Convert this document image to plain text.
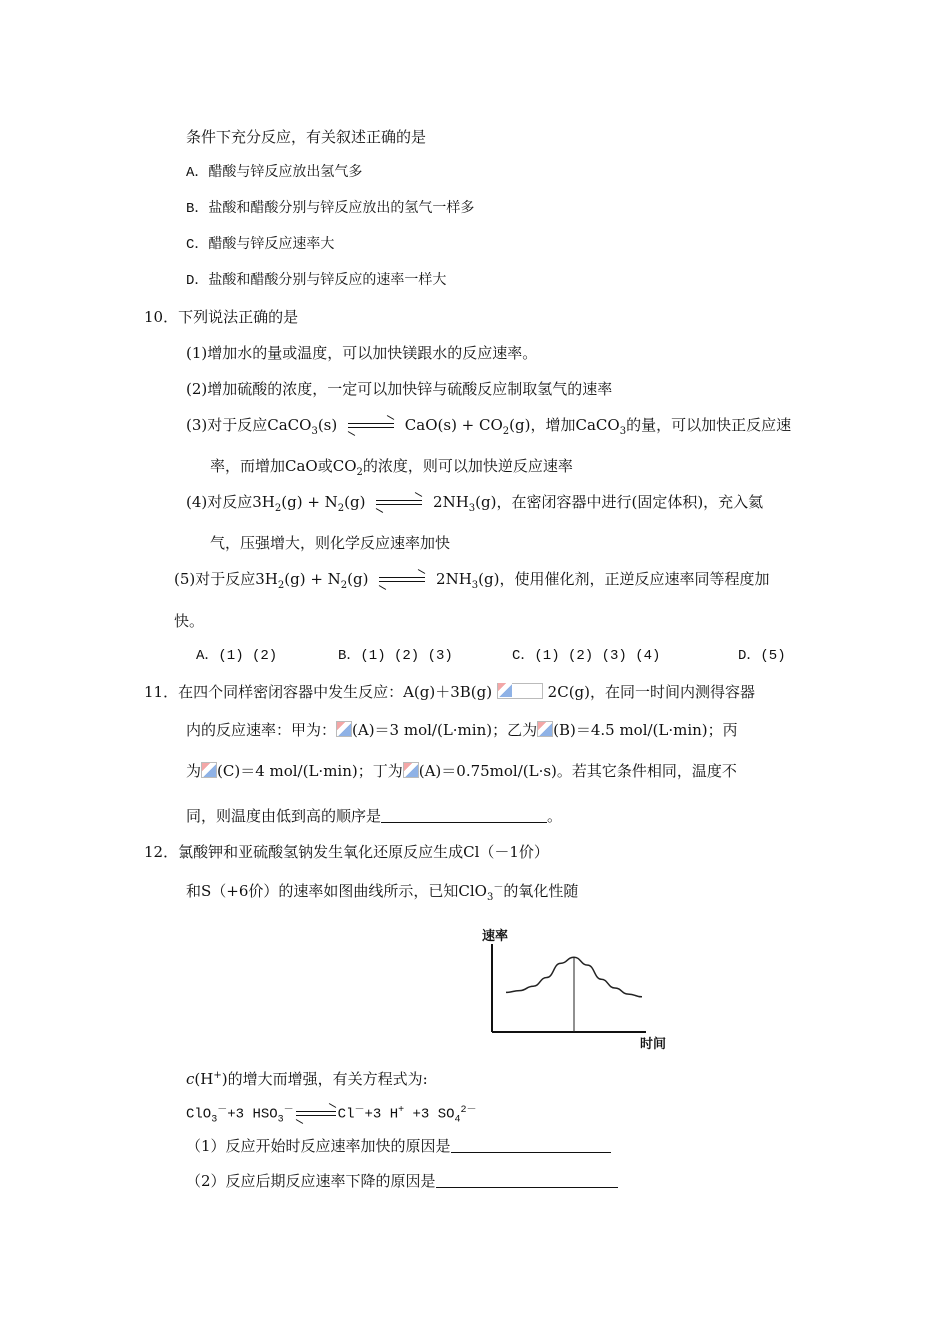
条件下充分反应，有关叙述正确的是
A．醋酸与锌反应放出氢气多
B．盐酸和醋酸分别与锌反应放出的氢气一样多
C．醋酸与锌反应速率大
D．盐酸和醋酸分别与锌反应的速率一样大
10．下列说法正确的是
(1)增加水的量或温度，可以加快镁跟水的反应速率。
(2)增加硫酸的浓度，一定可以加快锌与硫酸反应制取氢气的速率
(3)对于反应CaCO$_3$(s)	$CaO(s) + CO_2(g)$，增加CaCO$_3$的量，可以加快正反应速
率，而增加CaO或$CO_2$的浓度，则可以加快逆反应速率
(4)对反应$3H_2(g) + N_2(g)$	$2NH_3(g)$，在密闭容器中进行(固定体积)，充入氦
气，压强增大，则化学反应速率加快
(5)对于反应$3H_2(g) + N_2(g)$	$2NH_3(g)$，使用催化剂，正逆反应速率同等程度加
快。
A．(1) (2)	B．(1) (2) (3)	C．(1) (2) (3) (4)	D．(5)
11．在四个同样密闭容器中发生反应：A(g)＋3B(g)	2C(g)，在同一时间内测得容器
内的反应速率：甲为： (A)＝3 mol/(L·min)；乙为 (B)＝4.5 mol/(L·min)；丙
为 (C)＝4 mol/(L·min)；丁为 (A)＝0.75mol/(L·s)。若其它条件相同，温度不
同，则温度由低到高的顺序是	。
12．氯酸钾和亚硫酸氢钠发生氧化还原反应生成Cl（－1价）
和S（+6价）的速率如图曲线所示，已知ClO$_3$－的氧化性随
速率
时间
c(H+)的增大而增强，有关方程式为:
ClO$_3$－+3 $HSO_3^-$	Cl－+3 H+ +3 $SO_4^{2-}$
（1）反应开始时反应速率加快的原因是
（2）反应后期反应速率下降的原因是
